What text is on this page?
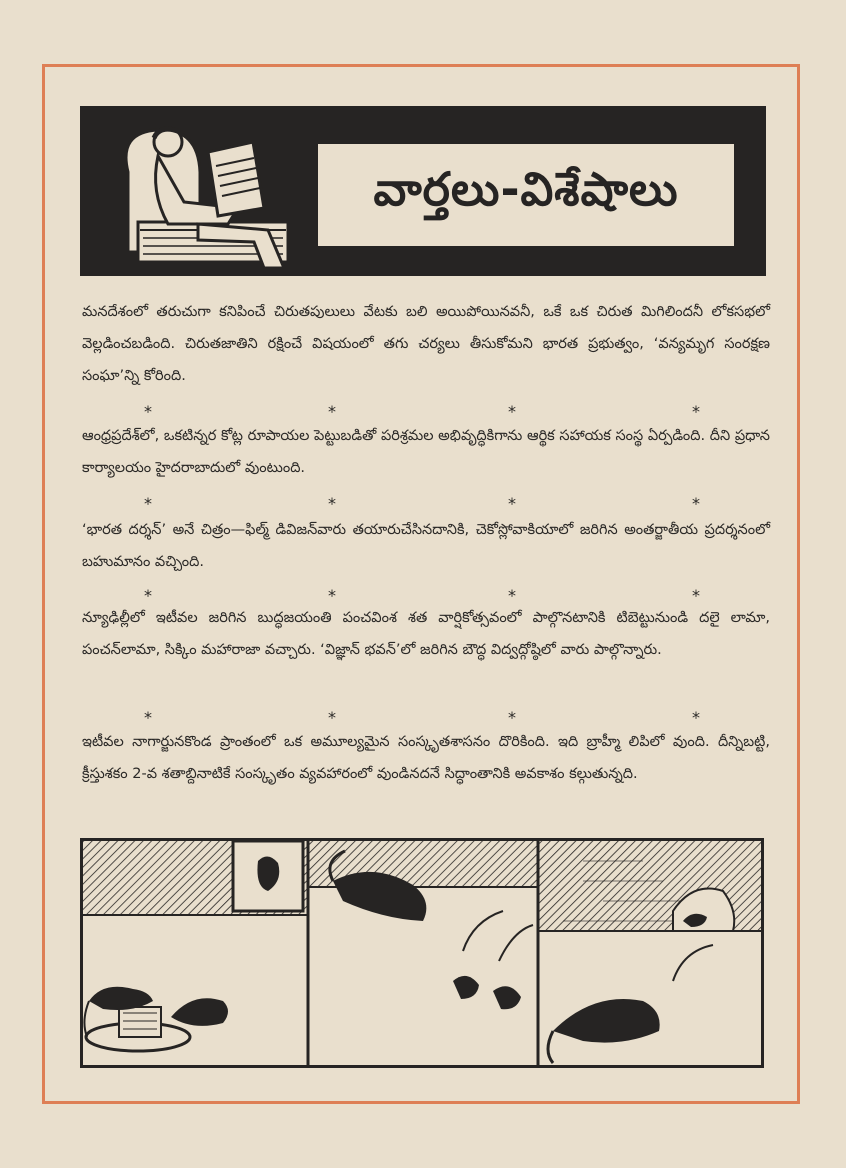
వార్తలు-విశేషాలు

మనదేశంలో తరుచుగా కనిపించే చిరుతపులులు వేటకు బలి అయిపోయినవనీ, ఒకే ఒక చిరుత మిగిలిందనీ లోకసభలో వెల్లడించబడింది. చిరుతజాతిని రక్షించే విషయంలో తగు చర్యలు తీసుకోమని భారత ప్రభుత్వం, ‘వన్యమృగ సంరక్షణ సంఘా’న్ని కోరింది.

*	*	*	*

ఆంధ్రప్రదేశ్‌లో, ఒకటిన్నర కోట్ల రూపాయల పెట్టుబడితో పరిశ్రమల అభివృద్ధికిగాను ఆర్థిక సహాయక సంస్థ ఏర్పడింది. దీని ప్రధాన కార్యాలయం హైదరాబాదులో వుంటుంది.

*	*	*	*

‘భారత దర్శన్’ అనే చిత్రం—ఫిల్మ్ డివిజన్‌వారు తయారుచేసినదానికి, చెకోస్లోవాకియాలో జరిగిన అంతర్జాతీయ ప్రదర్శనంలో బహుమానం వచ్చింది.

*	*	*	*

న్యూఢిల్లీలో ఇటీవల జరిగిన బుద్ధజయంతి పంచవింశ శత వార్షికోత్సవంలో పాల్గొనటానికి టిబెట్టునుండి దలై లామా, పంచన్‌లామా, సిక్కిం మహారాజా వచ్చారు. ‘విజ్ఞాన్ భవన్’లో జరిగిన బౌద్ధ విద్వద్గోష్ఠిలో వారు పాల్గొన్నారు.

*	*	*	*

ఇటీవల నాగార్జునకొండ ప్రాంతంలో ఒక అమూల్యమైన సంస్కృతశాసనం దొరికింది. ఇది బ్రాహ్మీ లిపిలో వుంది. దీన్నిబట్టి, క్రీస్తుశకం 2-వ శతాబ్దినాటికే సంస్కృతం వ్యవహారంలో వుండినదనే సిద్ధాంతానికి అవకాశం కల్గుతున్నది.
